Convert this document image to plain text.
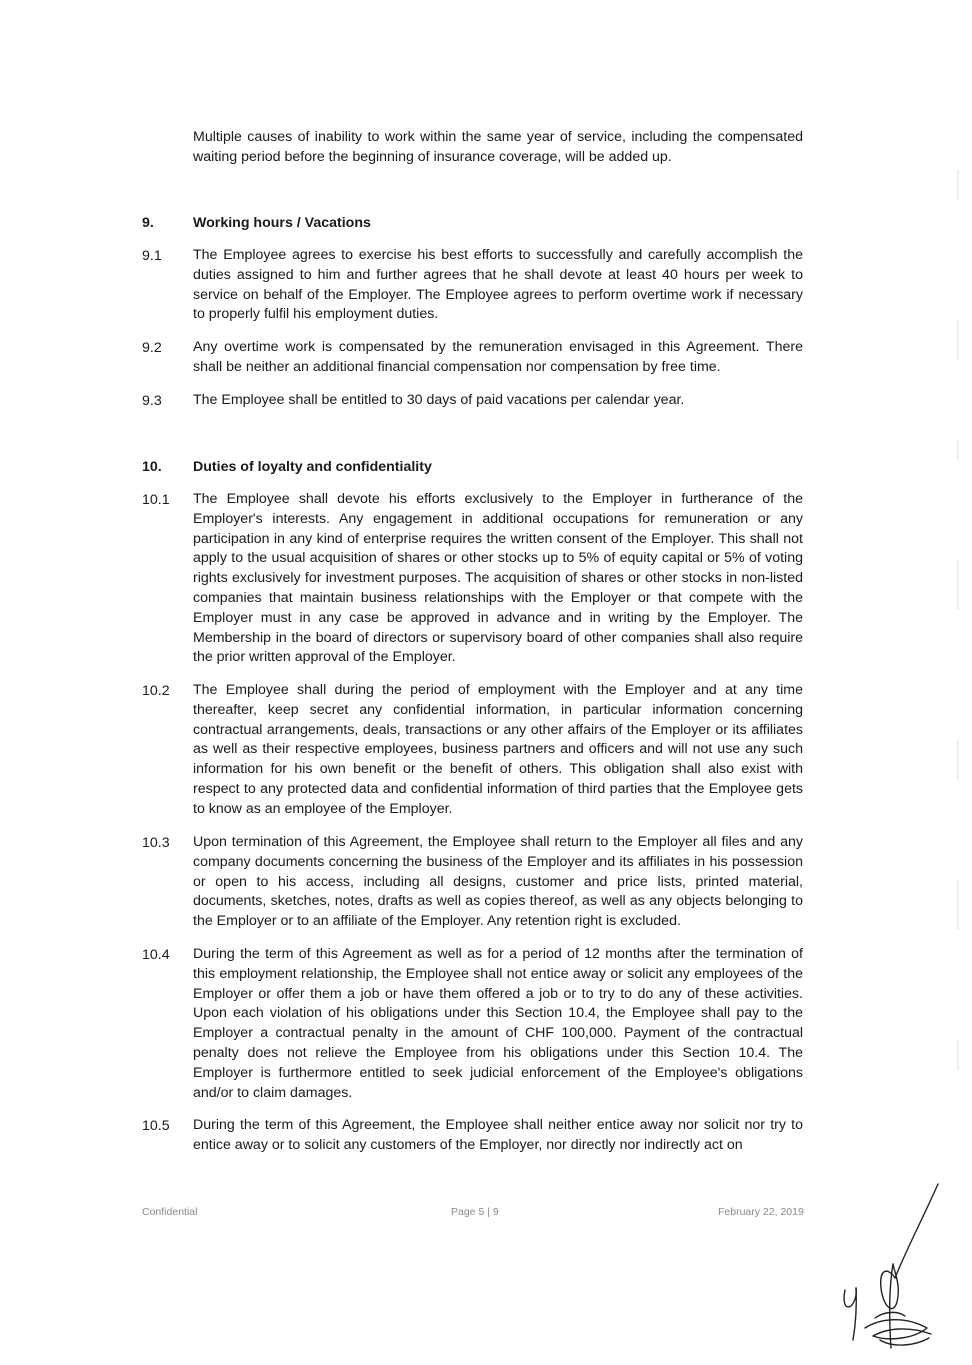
Multiple causes of inability to work within the same year of service, including the compensated waiting period before the beginning of insurance coverage, will be added up.

9.	Working hours / Vacations
9.1 The Employee agrees to exercise his best efforts to successfully and carefully accomplish the duties assigned to him and further agrees that he shall devote at least 40 hours per week to service on behalf of the Employer. The Employee agrees to perform overtime work if necessary to properly fulfil his employment duties.

9.2 Any overtime work is compensated by the remuneration envisaged in this Agreement. There shall be neither an additional financial compensation nor compensation by free time.

9.3 The Employee shall be entitled to 30 days of paid vacations per calendar year.

10. Duties of loyalty and confidentiality
10.1 The Employee shall devote his efforts exclusively to the Employer in furtherance of the Employer's interests. Any engagement in additional occupations for remuneration or any participation in any kind of enterprise requires the written consent of the Employer. This shall not apply to the usual acquisition of shares or other stocks up to 5% of equity capital or 5% of voting rights exclusively for investment purposes. The acquisition of shares or other stocks in non-listed companies that maintain business relationships with the Employer or that compete with the Employer must in any case be approved in advance and in writing by the Employer. The Membership in the board of directors or supervisory board of other companies shall also require the prior written approval of the Employer.

10.2 The Employee shall during the period of employment with the Employer and at any time thereafter, keep secret any confidential information, in particular information concerning contractual arrangements, deals, transactions or any other affairs of the Employer or its affiliates as well as their respective employees, business partners and officers and will not use any such information for his own benefit or the benefit of others. This obligation shall also exist with respect to any protected data and confidential information of third parties that the Employee gets to know as an employee of the Employer.

10.3 Upon termination of this Agreement, the Employee shall return to the Employer all files and any company documents concerning the business of the Employer and its affiliates in his possession or open to his access, including all designs, customer and price lists, printed material, documents, sketches, notes, drafts as well as copies thereof, as well as any objects belonging to the Employer or to an affiliate of the Employer. Any retention right is excluded.

10.4 During the term of this Agreement as well as for a period of 12 months after the termination of this employment relationship, the Employee shall not entice away or solicit any employees of the Employer or offer them a job or have them offered a job or to try to do any of these activities. Upon each violation of his obligations under this Section 10.4, the Employee shall pay to the Employer a contractual penalty in the amount of CHF 100,000. Payment of the contractual penalty does not relieve the Employee from his obligations under this Section 10.4. The Employer is furthermore entitled to seek judicial enforcement of the Employee's obligations and/or to claim damages.

10.5 During the term of this Agreement, the Employee shall neither entice away nor solicit nor try to entice away or to solicit any customers of the Employer, nor directly nor indirectly act on

Confidential	Page 5 | 9	February 22, 2019
